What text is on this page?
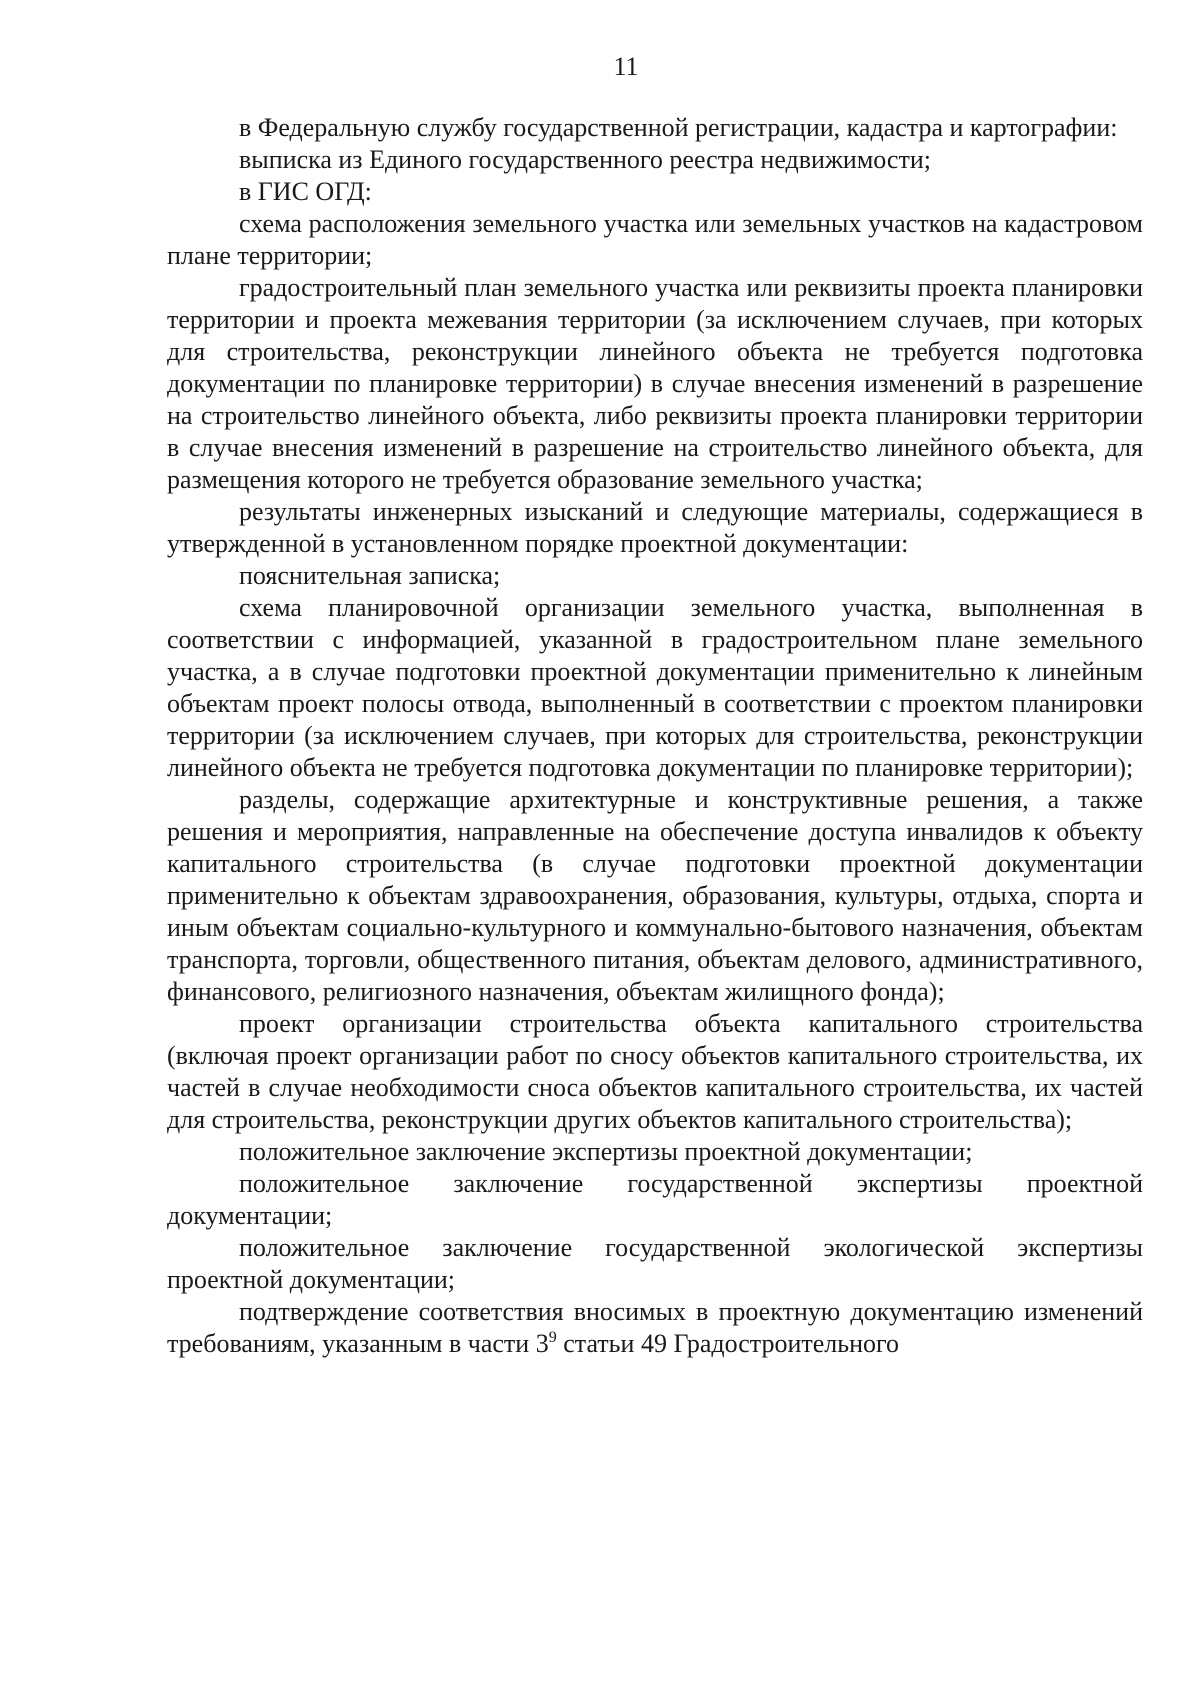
11

в Федеральную службу государственной регистрации, кадастра и картографии:

выписка из Единого государственного реестра недвижимости;

в ГИС ОГД:

схема расположения земельного участка или земельных участков на кадастровом плане территории;

градостроительный план земельного участка или реквизиты проекта планировки территории и проекта межевания территории (за исключением случаев, при которых для строительства, реконструкции линейного объекта не требуется подготовка документации по планировке территории) в случае внесения изменений в разрешение на строительство линейного объекта, либо реквизиты проекта планировки территории в случае внесения изменений в разрешение на строительство линейного объекта, для размещения которого не требуется образование земельного участка;

результаты инженерных изысканий и следующие материалы, содержащиеся в утвержденной в установленном порядке проектной документации:

пояснительная записка;

схема планировочной организации земельного участка, выполненная в соответствии с информацией, указанной в градостроительном плане земельного участка, а в случае подготовки проектной документации применительно к линейным объектам проект полосы отвода, выполненный в соответствии с проектом планировки территории (за исключением случаев, при которых для строительства, реконструкции линейного объекта не требуется подготовка документации по планировке территории);

разделы, содержащие архитектурные и конструктивные решения, а также решения и мероприятия, направленные на обеспечение доступа инвалидов к объекту капитального строительства (в случае подготовки проектной документации применительно к объектам здравоохранения, образования, культуры, отдыха, спорта и иным объектам социально-культурного и коммунально-бытового назначения, объектам транспорта, торговли, общественного питания, объектам делового, административного, финансового, религиозного назначения, объектам жилищного фонда);

проект организации строительства объекта капитального строительства (включая проект организации работ по сносу объектов капитального строительства, их частей в случае необходимости сноса объектов капитального строительства, их частей для строительства, реконструкции других объектов капитального строительства);

положительное заключение экспертизы проектной документации;

положительное заключение государственной экспертизы проектной документации;

положительное заключение государственной экологической экспертизы проектной документации;

подтверждение соответствия вносимых в проектную документацию изменений требованиям, указанным в части $3^9$ статьи 49 Градостроительного
